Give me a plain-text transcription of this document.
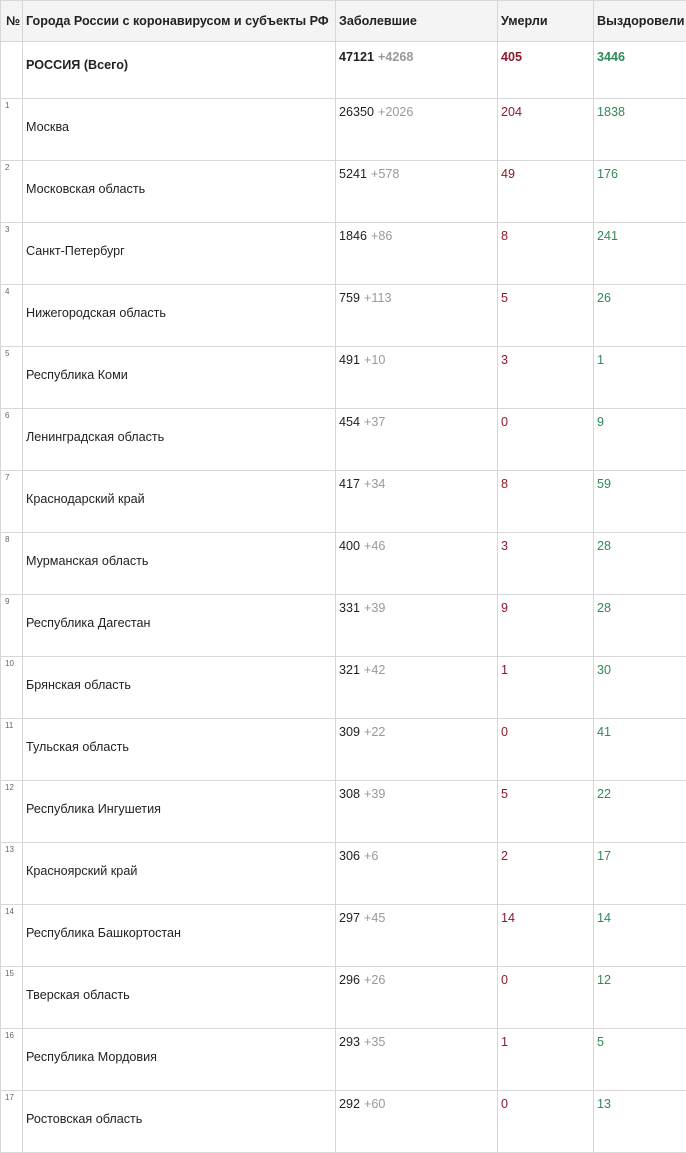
№	Города России с коронавирусом и субъекты РФ	Заболевшие	Умерли	Выздоровели
	РОССИЯ (Всего)	47121 +4268	405	3446
1	Москва	26350 +2026	204	1838
2	Московская область	5241 +578	49	176
3	Санкт-Петербург	1846 +86	8	241
4	Нижегородская область	759 +113	5	26
5	Республика Коми	491 +10	3	1
6	Ленинградская область	454 +37	0	9
7	Краснодарский край	417 +34	8	59
8	Мурманская область	400 +46	3	28
9	Республика Дагестан	331 +39	9	28
10	Брянская область	321 +42	1	30
11	Тульская область	309 +22	0	41
12	Республика Ингушетия	308 +39	5	22
13	Красноярский край	306 +6	2	17
14	Республика Башкортостан	297 +45	14	14
15	Тверская область	296 +26	0	12
16	Республика Мордовия	293 +35	1	5
17	Ростовская область	292 +60	0	13
